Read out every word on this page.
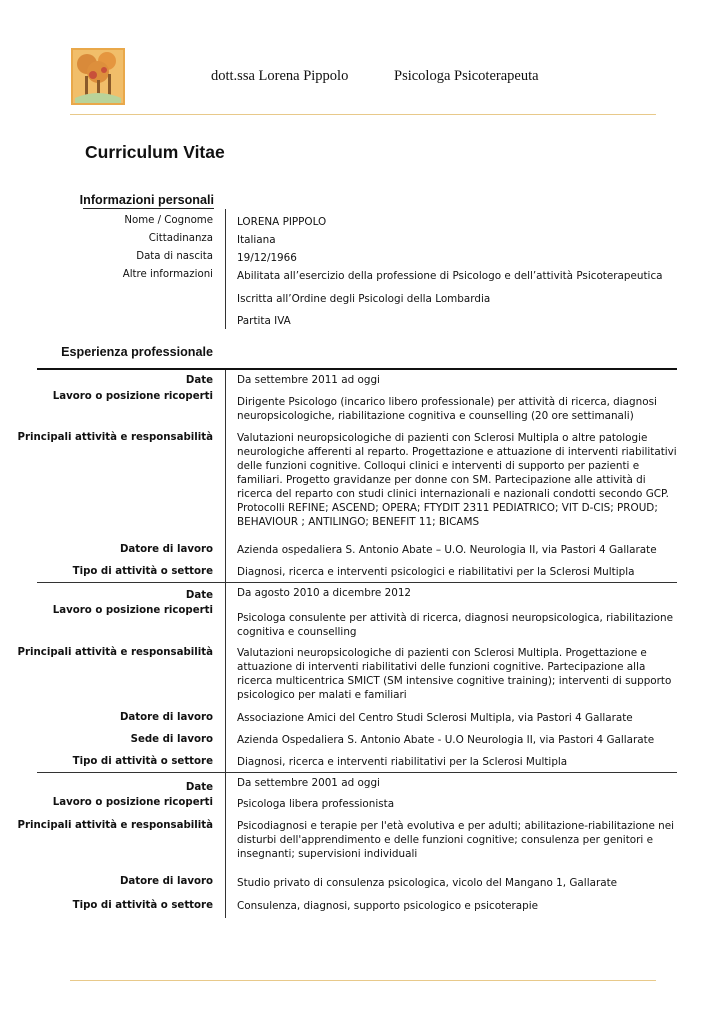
dott.ssa Lorena Pippolo	Psicologa Psicoterapeuta
Curriculum Vitae
Informazioni personali
Nome / Cognome LORENA PIPPOLO
Cittadinanza Italiana
Data di nascita 19/12/1966
Altre informazioni Abilitata all’esercizio della professione di Psicologo e dell’attività Psicoterapeutica
Iscritta all’Ordine degli Psicologi della Lombardia
Partita IVA
Esperienza professionale
Date Da settembre 2011 ad oggi
Lavoro o posizione ricoperti Dirigente Psicologo (incarico libero professionale) per attività di ricerca, diagnosi neuropsicologiche, riabilitazione cognitiva e counselling (20 ore settimanali)
Principali attività e responsabilità Valutazioni neuropsicologiche di pazienti con Sclerosi Multipla o altre patologie neurologiche afferenti al reparto. Progettazione e attuazione di interventi riabilitativi delle funzioni cognitive. Colloqui clinici e interventi di supporto per pazienti e familiari. Progetto gravidanze per donne con SM. Partecipazione alle attività di ricerca del reparto con studi clinici internazionali e nazionali condotti secondo GCP. Protocolli REFINE; ASCEND; OPERA; FTYDIT 2311 PEDIATRICO; VIT D-CIS; PROUD; BEHAVIOUR ; ANTILINGO; BENEFIT 11; BICAMS
Datore di lavoro Azienda ospedaliera S. Antonio Abate – U.O. Neurologia II, via Pastori 4 Gallarate
Tipo di attività o settore Diagnosi, ricerca e interventi psicologici e riabilitativi per la Sclerosi Multipla
Date Da agosto 2010 a dicembre 2012
Lavoro o posizione ricoperti
Psicologa consulente per attività di ricerca, diagnosi neuropsicologica, riabilitazione cognitiva e counselling
Principali attività e responsabilità Valutazioni neuropsicologiche di pazienti con Sclerosi Multipla. Progettazione e attuazione di interventi riabilitativi delle funzioni cognitive. Partecipazione alla ricerca multicentrica SMICT (SM intensive cognitive training); interventi di supporto psicologico per malati e familiari
Datore di lavoro Associazione Amici del Centro Studi Sclerosi Multipla, via Pastori 4 Gallarate
Sede di lavoro Azienda Ospedaliera S. Antonio Abate - U.O Neurologia II, via Pastori 4 Gallarate
Tipo di attività o settore Diagnosi, ricerca e interventi riabilitativi per la Sclerosi Multipla
Date Da settembre 2001 ad oggi
Lavoro o posizione ricoperti Psicologa libera professionista
Principali attività e responsabilità Psicodiagnosi e terapie per l'età evolutiva e per adulti; abilitazione-riabilitazione nei disturbi dell'apprendimento e delle funzioni cognitive; consulenza per genitori e insegnanti; supervisioni individuali
Datore di lavoro Studio privato di consulenza psicologica, vicolo del Mangano 1, Gallarate
Tipo di attività o settore Consulenza, diagnosi, supporto psicologico e psicoterapie
